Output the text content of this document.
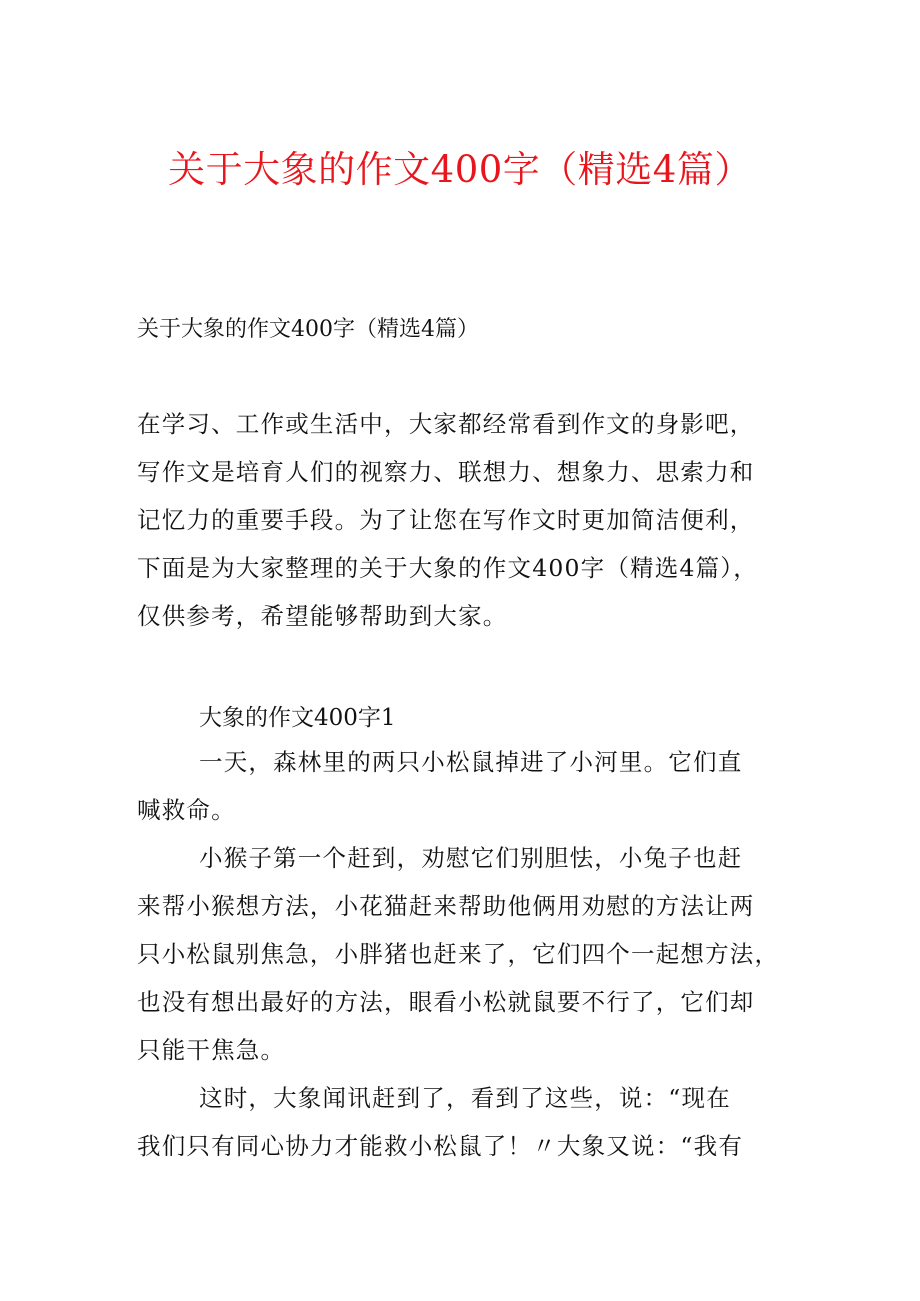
关于大象的作文400字（精选4篇）

关于大象的作文400字（精选4篇）

在学习、工作或生活中，大家都经常看到作文的身影吧，
写作文是培育人们的视察力、联想力、想象力、思索力和
记忆力的重要手段。为了让您在写作文时更加简洁便利，
下面是为大家整理的关于大象的作文400字（精选4篇），
仅供参考，希望能够帮助到大家。

大象的作文400字1

一天，森林里的两只小松鼠掉进了小河里。它们直
喊救命。
小猴子第一个赶到，劝慰它们别胆怯，小兔子也赶
来帮小猴想方法，小花猫赶来帮助他俩用劝慰的方法让两
只小松鼠别焦急，小胖猪也赶来了，它们四个一起想方法，
也没有想出最好的方法，眼看小松就鼠要不行了，它们却
只能干焦急。
这时，大象闻讯赶到了，看到了这些，说：“现在
我们只有同心协力才能救小松鼠了！〃大象又说：“我有
